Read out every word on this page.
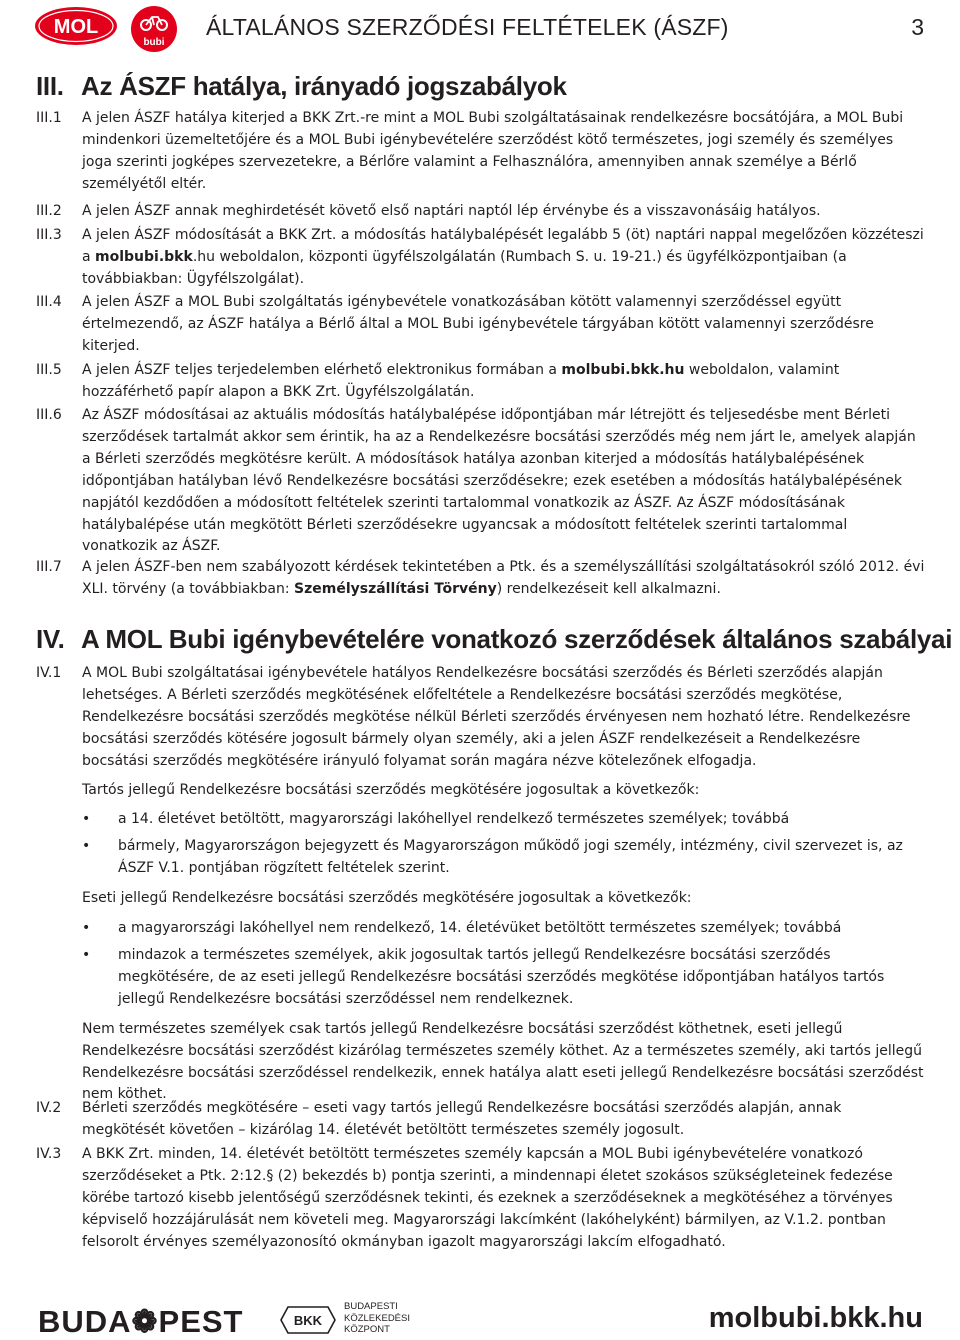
MOL
bubi
ÁLTALÁNOS SZERZŐDÉSI FELTÉTELEK (ÁSZF)	3
III. Az ÁSZF hatálya, irányadó jogszabályok
III.1	A jelen ÁSZF hatálya kiterjed a BKK Zrt.-re mint a MOL Bubi szolgáltatásainak rendelkezésre bocsátójára, a MOL Bubi mindenkori üzemeltetőjére és a MOL Bubi igénybevételére szerződést kötő természetes, jogi személy és személyes joga szerinti jogképes szervezetekre, a Bérlőre valamint a Felhasználóra, amennyiben annak személye a Bérlő személyétől eltér.
III.2	A jelen ÁSZF annak meghirdetését követő első naptári naptól lép érvénybe és a visszavonásáig hatályos.
III.3	A jelen ÁSZF módosítását a BKK Zrt. a módosítás hatálybalépését legalább 5 (öt) naptári nappal megelőzően közzéteszi a molbubi.bkk.hu weboldalon, központi ügyfélszolgálatán (Rumbach S. u. 19-21.) és ügyfélközpontjaiban (a továbbiakban: Ügyfélszolgálat).
III.4	A jelen ÁSZF a MOL Bubi szolgáltatás igénybevétele vonatkozásában kötött valamennyi szerződéssel együtt értelmezendő, az ÁSZF hatálya a Bérlő által a MOL Bubi igénybevétele tárgyában kötött valamennyi szerződésre kiterjed.
III.5	A jelen ÁSZF teljes terjedelemben elérhető elektronikus formában a molbubi.bkk.hu weboldalon, valamint hozzáférhető papír alapon a BKK Zrt. Ügyfélszolgálatán.
III.6	Az ÁSZF módosításai az aktuális módosítás hatálybalépése időpontjában már létrejött és teljesedésbe ment Bérleti szerződések tartalmát akkor sem érintik, ha az a Rendelkezésre bocsátási szerződés még nem járt le, amelyek alapján a Bérleti szerződés megkötésre került. A módosítások hatálya azonban kiterjed a módosítás hatálybalépésének időpontjában hatályban lévő Rendelkezésre bocsátási szerződésekre; ezek esetében a módosítás hatálybalépésének napjától kezdődően a módosított feltételek szerinti tartalommal vonatkozik az ÁSZF. Az ÁSZF módosításának hatálybalépése után megkötött Bérleti szerződésekre ugyancsak a módosított feltételek szerinti tartalommal vonatkozik az ÁSZF.
III.7	A jelen ÁSZF-ben nem szabályozott kérdések tekintetében a Ptk. és a személyszállítási szolgáltatásokról szóló 2012. évi XLI. törvény (a továbbiakban: Személyszállítási Törvény) rendelkezéseit kell alkalmazni.
IV. A MOL Bubi igénybevételére vonatkozó szerződések általános szabályai
IV.1	A MOL Bubi szolgáltatásai igénybevétele hatályos Rendelkezésre bocsátási szerződés és Bérleti szerződés alapján lehetséges. A Bérleti szerződés megkötésének előfeltétele a Rendelkezésre bocsátási szerződés megkötése, Rendelkezésre bocsátási szerződés megkötése nélkül Bérleti szerződés érvényesen nem hozható létre. Rendelkezésre bocsátási szerződés kötésére jogosult bármely olyan személy, aki a jelen ÁSZF rendelkezéseit a Rendelkezésre bocsátási szerződés megkötésére irányuló folyamat során magára nézve kötelezőnek elfogadja.

Tartós jellegű Rendelkezésre bocsátási szerződés megkötésére jogosultak a következők:

• a 14. életévet betöltött, magyarországi lakóhellyel rendelkező természetes személyek; továbbá
• bármely, Magyarországon bejegyzett és Magyarországon működő jogi személy, intézmény, civil szervezet is, az ÁSZF V.1. pontjában rögzített feltételek szerint.

Eseti jellegű Rendelkezésre bocsátási szerződés megkötésére jogosultak a következők:

• a magyarországi lakóhellyel nem rendelkező, 14. életévüket betöltött természetes személyek; továbbá
• mindazok a természetes személyek, akik jogosultak tartós jellegű Rendelkezésre bocsátási szerződés megkötésére, de az eseti jellegű Rendelkezésre bocsátási szerződés megkötése időpontjában hatályos tartós jellegű Rendelkezésre bocsátási szerződéssel nem rendelkeznek.

Nem természetes személyek csak tartós jellegű Rendelkezésre bocsátási szerződést köthetnek, eseti jellegű Rendelkezésre bocsátási szerződést kizárólag természetes személy köthet. Az a természetes személy, aki tartós jellegű Rendelkezésre bocsátási szerződéssel rendelkezik, ennek hatálya alatt eseti jellegű Rendelkezésre bocsátási szerződést nem köthet.

IV.2	Bérleti szerződés megkötésére – eseti vagy tartós jellegű Rendelkezésre bocsátási szerződés alapján, annak megkötését követően – kizárólag 14. életévét betöltött természetes személy jogosult.
IV.3	A BKK Zrt. minden, 14. életévét betöltött természetes személy kapcsán a MOL Bubi igénybevételére vonatkozó szerződéseket a Ptk. 2:12.§ (2) bekezdés b) pontja szerinti, a mindennapi életet szokásos szükségleteinek fedezése körébe tartozó kisebb jelentőségű szerződésnek tekinti, és ezeknek a szerződéseknek a megkötéséhez a törvényes képviselő hozzájárulását nem követeli meg. Magyarországi lakcímként (lakóhelyként) bármilyen, az V.1.2. pontban felsorolt érvényes személyazonosító okmányban igazolt magyarországi lakcím elfogadható.
BUDA❁PEST	BKK
BUDAPESTI
KÖZLEKEDÉSI
KÖZPONT	molbubi.bkk.hu
